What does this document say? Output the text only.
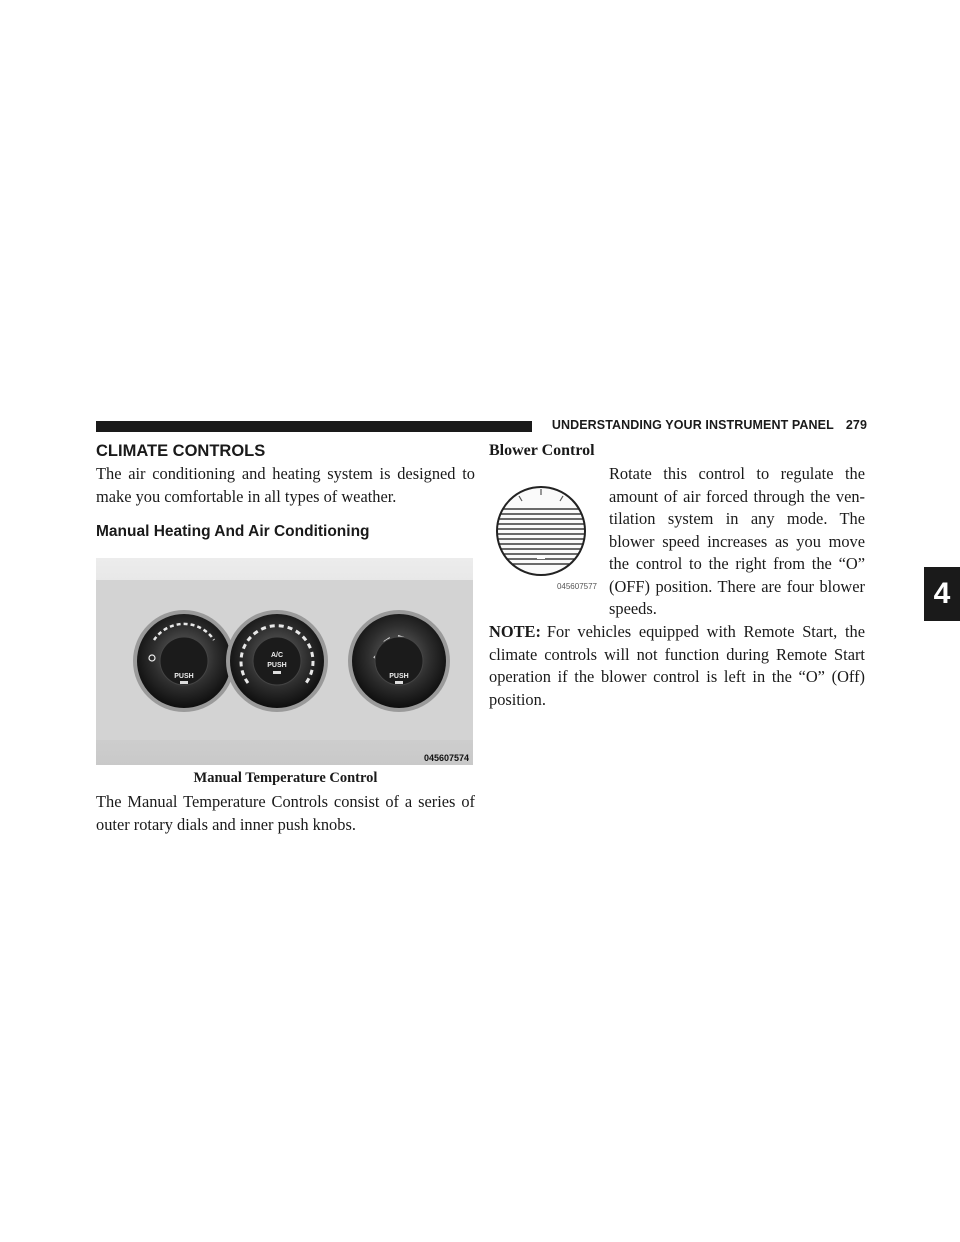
UNDERSTANDING YOUR INSTRUMENT PANEL 279
4
CLIMATE CONTROLS

The air conditioning and heating system is designed to
make you comfortable in all types of weather.

Manual Heating And Air Conditioning
PUSH
A/C
PUSH
PUSH
045607574
Manual Temperature Control

The Manual Temperature Controls consist of a series of
outer rotary dials and inner push knobs.

Blower Control
045607577

Rotate this control to regulate the
amount of air forced through the ven-
tilation system in any mode. The
blower speed increases as you move
the control to the right from the “O”
(OFF) position. There are four blower
speeds.

NOTE: For vehicles equipped with Remote Start, the
climate controls will not function during Remote Start
operation if the blower control is left in the “O” (Off)
position.
